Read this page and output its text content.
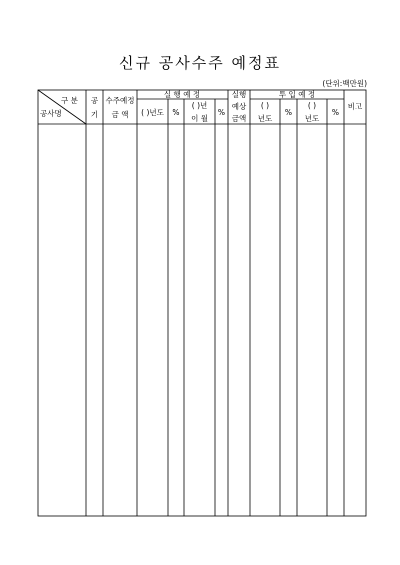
신규 공사수주 예정표
(단위:백만원)
구 분
공사명
공
기
수주예정
금 액
실 행 예 정
( )년도 %
( )년
이 월
%
실행
예상
금액
투 입 예 정
( )
년도
%
( )
년도
%
비고
